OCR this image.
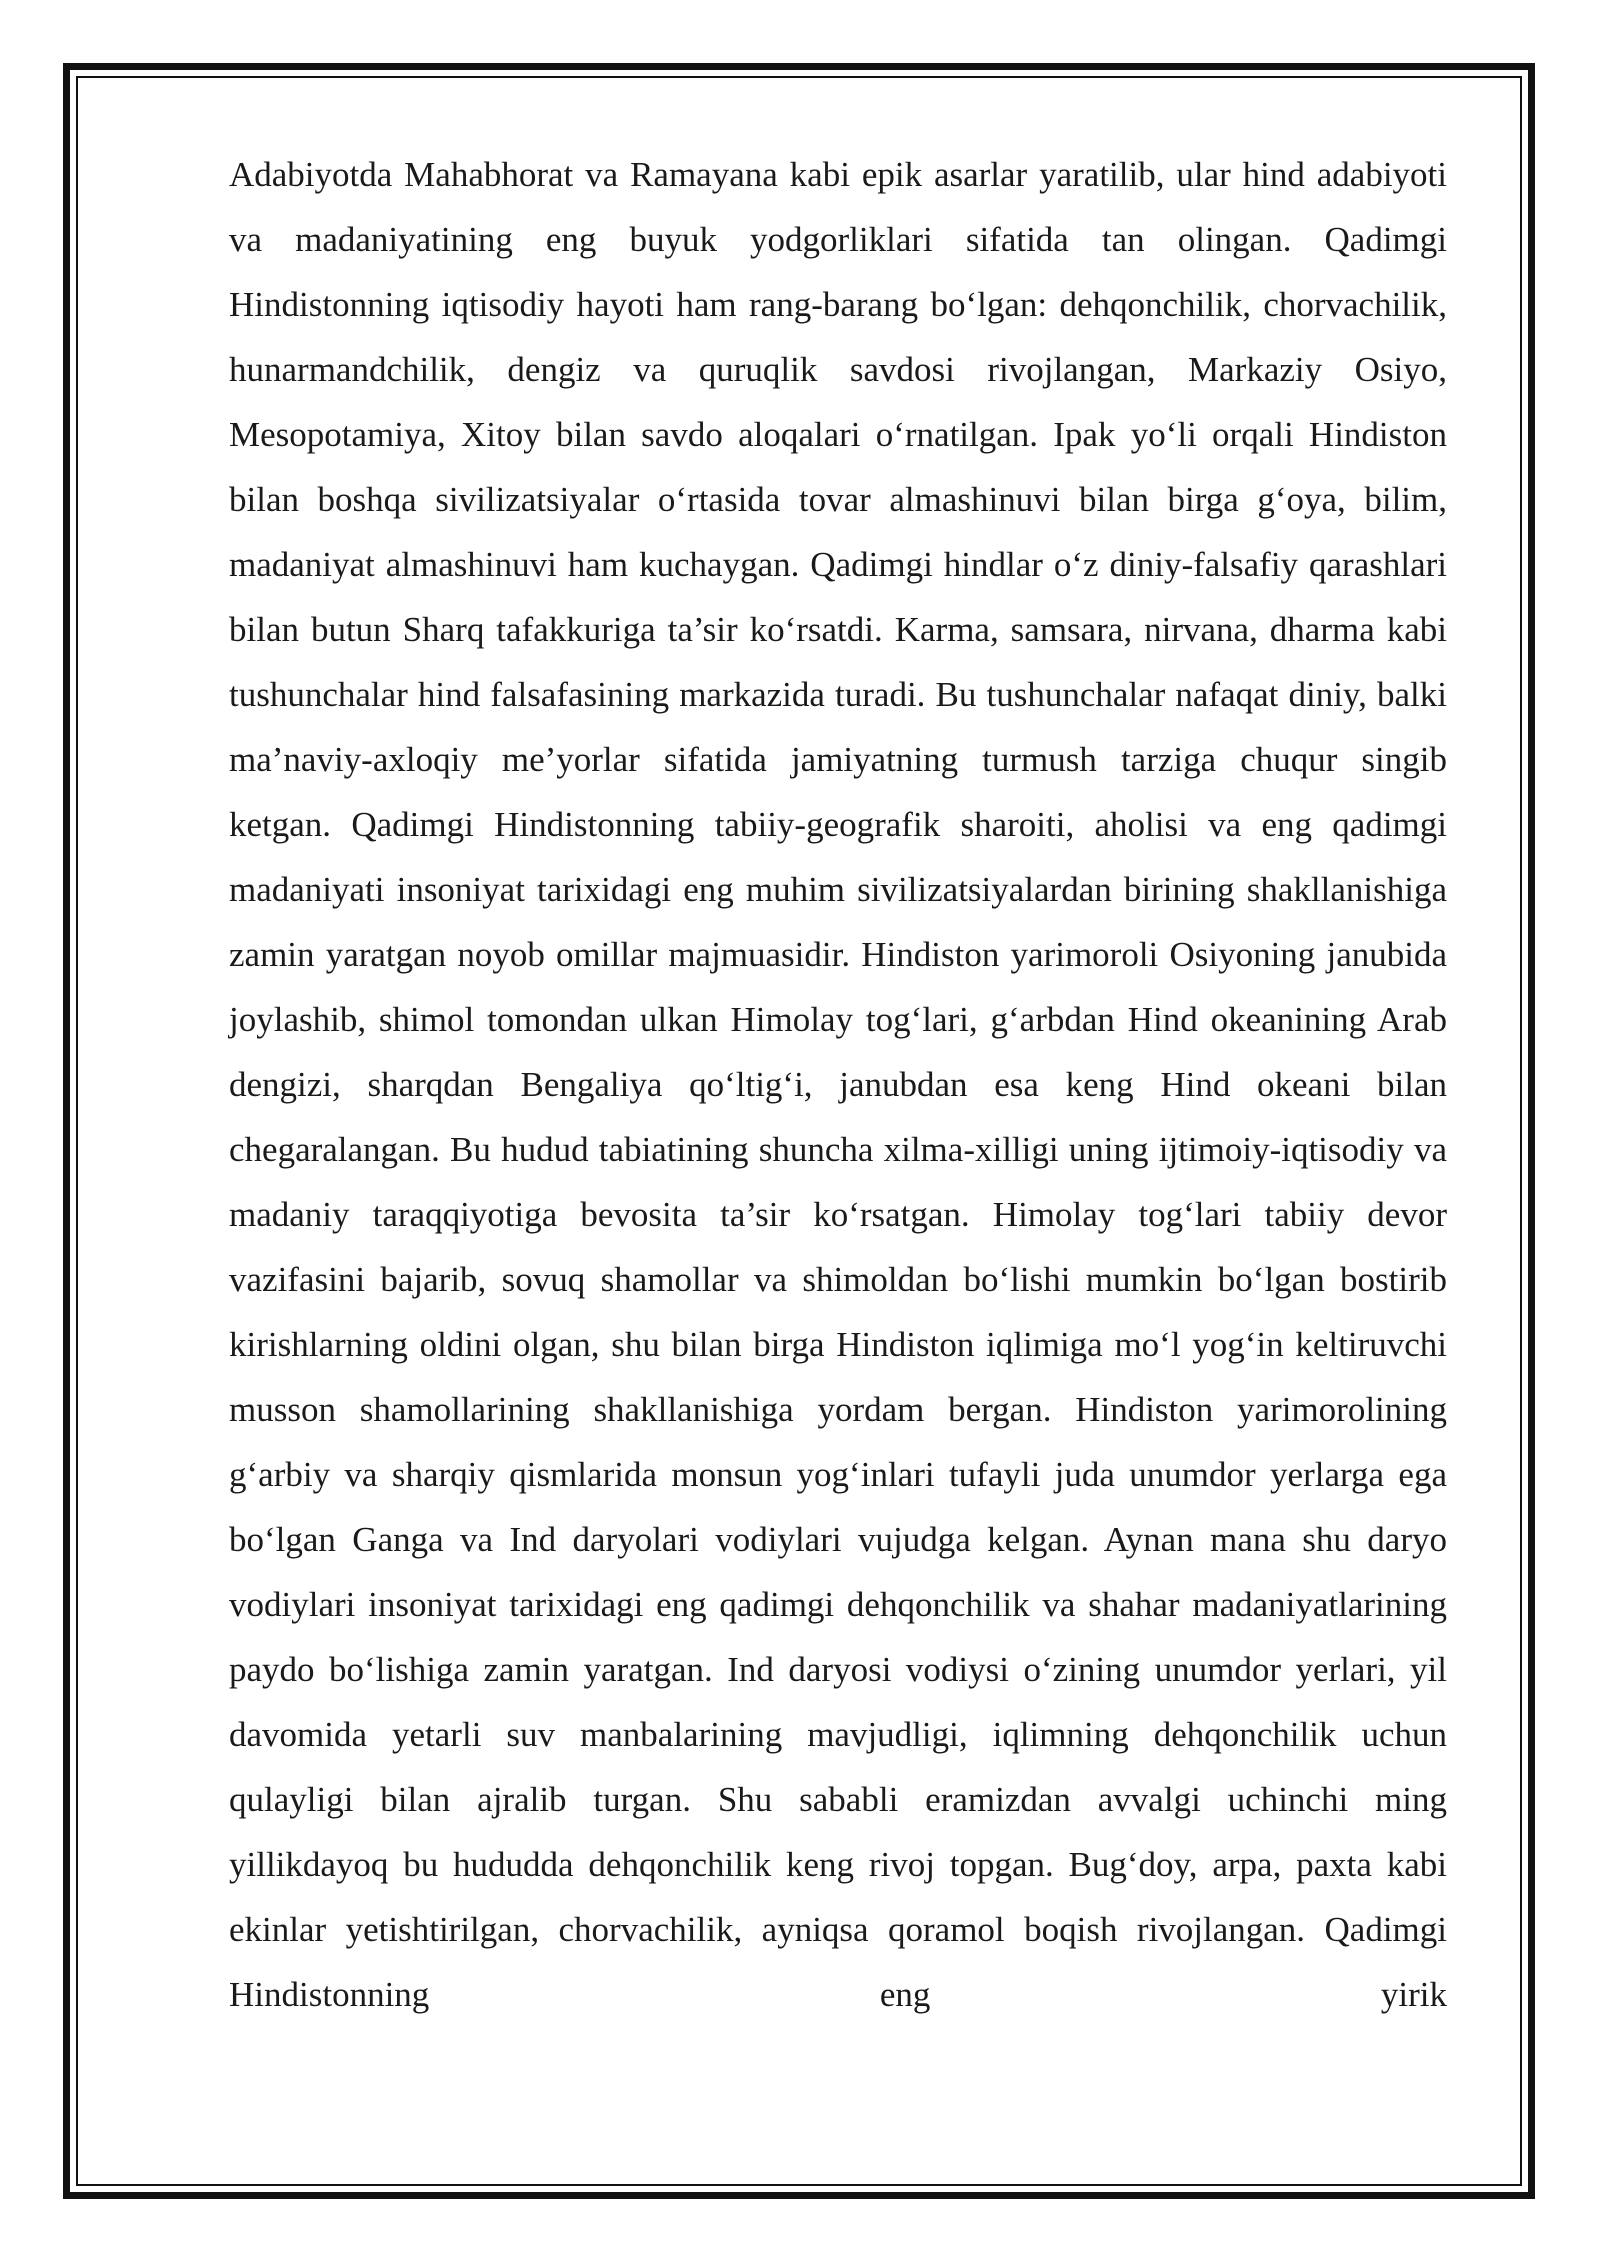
Adabiyotda Mahabhorat va Ramayana kabi epik asarlar yaratilib, ular hind adabiyoti va madaniyatining eng buyuk yodgorliklari sifatida tan olingan. Qadimgi Hindistonning iqtisodiy hayoti ham rang-barang bo‘lgan: dehqonchilik, chorvachilik, hunarmandchilik, dengiz va quruqlik savdosi rivojlangan, Markaziy Osiyo, Mesopotamiya, Xitoy bilan savdo aloqalari o‘rnatilgan. Ipak yo‘li orqali Hindiston bilan boshqa sivilizatsiyalar o‘rtasida tovar almashinuvi bilan birga g‘oya, bilim, madaniyat almashinuvi ham kuchaygan. Qadimgi hindlar o‘z diniy-falsafiy qarashlari bilan butun Sharq tafakkuriga ta’sir ko‘rsatdi. Karma, samsara, nirvana, dharma kabi tushunchalar hind falsafasining markazida turadi. Bu tushunchalar nafaqat diniy, balki ma’naviy-axloqiy me’yorlar sifatida jamiyatning turmush tarziga chuqur singib ketgan. Qadimgi Hindistonning tabiiy-geografik sharoiti, aholisi va eng qadimgi madaniyati insoniyat tarixidagi eng muhim sivilizatsiyalardan birining shakllanishiga zamin yaratgan noyob omillar majmuasidir. Hindiston yarimoroli Osiyoning janubida joylashib, shimol tomondan ulkan Himolay tog‘lari, g‘arbdan Hind okeanining Arab dengizi, sharqdan Bengaliya qo‘ltig‘i, janubdan esa keng Hind okeani bilan chegaralangan. Bu hudud tabiatining shuncha xilma-xilligi uning ijtimoiy-iqtisodiy va madaniy taraqqiyotiga bevosita ta’sir ko‘rsatgan. Himolay tog‘lari tabiiy devor vazifasini bajarib, sovuq shamollar va shimoldan bo‘lishi mumkin bo‘lgan bostirib kirishlarning oldini olgan, shu bilan birga Hindiston iqlimiga mo‘l yog‘in keltiruvchi musson shamollarining shakllanishiga yordam bergan. Hindiston yarimorolining g‘arbiy va sharqiy qismlarida monsun yog‘inlari tufayli juda unumdor yerlarga ega bo‘lgan Ganga va Ind daryolari vodiylari vujudga kelgan. Aynan mana shu daryo vodiylari insoniyat tarixidagi eng qadimgi dehqonchilik va shahar madaniyatlarining paydo bo‘lishiga zamin yaratgan. Ind daryosi vodiysi o‘zining unumdor yerlari, yil davomida yetarli suv manbalarining mavjudligi, iqlimning dehqonchilik uchun qulayligi bilan ajralib turgan. Shu sababli eramizdan avvalgi uchinchi ming yillikdayoq bu hududda dehqonchilik keng rivoj topgan. Bug‘doy, arpa, paxta kabi ekinlar yetishtirilgan, chorvachilik, ayniqsa qoramol boqish rivojlangan. Qadimgi Hindistonning eng yirik
